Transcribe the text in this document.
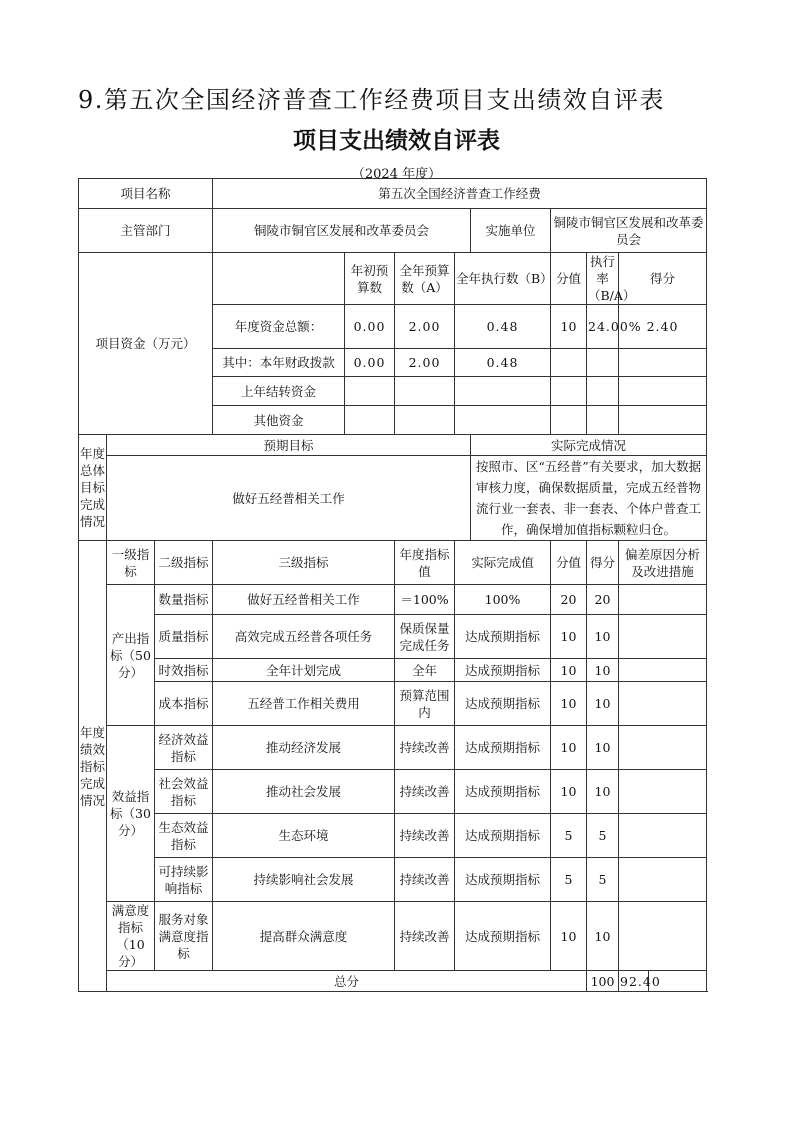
9.第五次全国经济普查工作经费项目支出绩效自评表
项目支出绩效自评表
（2024 年度）
项目名称			第五次全国经济普查工作经费								
主管部门			铜陵市铜官区发展和改革委员会				实施单位	铜陵市铜官区发展和改革委员会			
项目资金（万元）				年初预算数	全年预算数（A）	全年执行数（B）		分值	执行率（B/A）	得分	
			年度资金总额：	0.00	2.00	0.48		10	24.00%	2.40	
			其中：本年财政拨款	0.00	2.00	0.48					
			上年结转资金								
			其他资金								
年度总体目标完成情况	预期目标						实际完成情况				
	做好五经普相关工作						按照市、区“五经普”有关要求，加大数据审核力度，确保数据质量，完成五经普物流行业一套表、非一套表、个体户普查工作，确保增加值指标颗粒归仓。				
年度绩效指标完成情况	一级指标	二级指标	三级指标		年度指标值	实际完成值		分值	得分	偏差原因分析及改进措施	
	产出指标（50 分）	数量指标	做好五经普相关工作		＝100%	100%		20	20		
		质量指标	高效完成五经普各项任务		保质保量完成任务	达成预期指标		10	10		
		时效指标	全年计划完成		全年	达成预期指标		10	10		
		成本指标	五经普工作相关费用		预算范围内	达成预期指标		10	10		
	效益指标（30 分）	经济效益指标	推动经济发展		持续改善	达成预期指标		10	10		
		社会效益指标	推动社会发展		持续改善	达成预期指标		10	10		
		生态效益指标	生态环境		持续改善	达成预期指标		5	5		
		可持续影响指标	持续影响社会发展		持续改善	达成预期指标		5	5		
	满意度指标（10 分）	服务对象满意度指标	提高群众满意度		持续改善	达成预期指标		10	10		
	总分								100	92.40	
